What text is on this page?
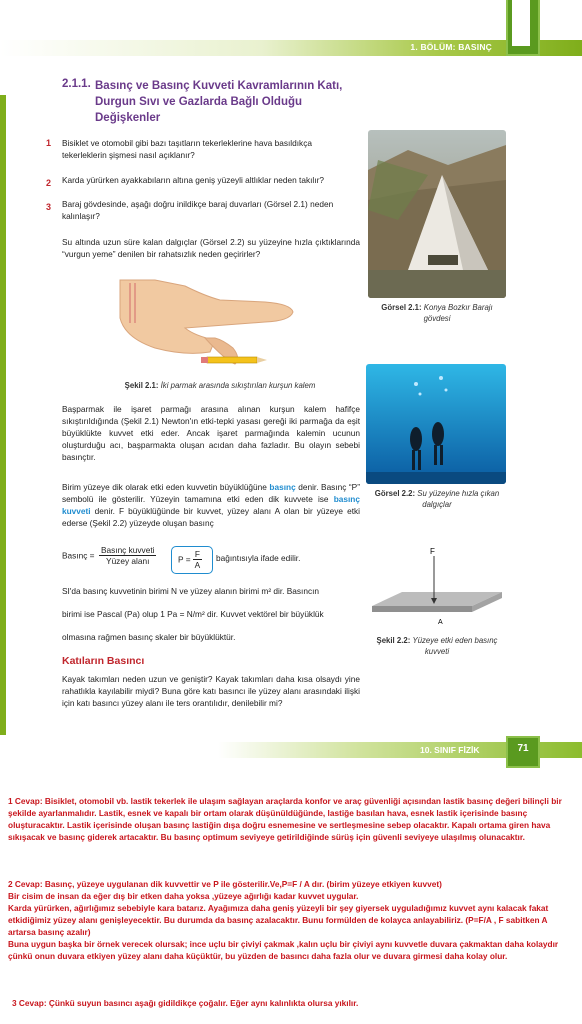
1. BÖLÜM: BASINÇ
2.1.1. Basınç ve Basınç Kuvveti Kavramlarının Katı, Durgun Sıvı ve Gazlarda Bağlı Olduğu Değişkenler
1 Bisiklet ve otomobil gibi bazı taşıtların tekerleklerine hava basıldıkça tekerleklerin şişmesi nasıl açıklanır?
2 Karda yürürken ayakkabıların altına geniş yüzeyli altlıklar neden takılır?
3 Baraj gövdesinde, aşağı doğru inildikçe baraj duvarları (Görsel 2.1) neden kalınlaşır?
Su altında uzun süre kalan dalgıçlar (Görsel 2.2) su yüzeyine hızla çıktıklarında “vurgun yeme” denilen bir rahatsızlık neden geçirirler?
Görsel 2.1: Konya Bozkır Barajı gövdesi
Şekil 2.1: İki parmak arasında sıkıştırılan kurşun kalem
Başparmak ile işaret parmağı arasına alınan kurşun kalem hafifçe sıkıştırıldığında (Şekil 2.1) Newton'ın etki-tepki yasası gereği iki parmağa da eşit büyüklükte kuvvet etki eder. Ancak işaret parmağında kalemin ucunun oluşturduğu acı, başparmakta oluşan acıdan daha fazladır. Bu olayın sebebi basınçtır.
Görsel 2.2: Su yüzeyine hızla çıkan dalgıçlar
Birim yüzeye dik olarak etki eden kuvvetin büyüklüğüne basınç denir. Basınç “P” sembolü ile gösterilir. Yüzeyin tamamına etki eden dik kuvvete ise basınç kuvveti denir. F büyüklüğünde bir kuvvet, yüzey alanı A olan bir yüzeye etki ederse (Şekil 2.2) yüzeyde oluşan basınç
Basınç = $\frac{\text{Basınç kuvveti}}{\text{Yüzey alanı}}$	$P = \frac{F}{A}$ bağıntısıyla ifade edilir.
SI'da basınç kuvvetinin birimi N ve yüzey alanın birimi m² dir. Basıncın
birimi ise Pascal (Pa) olup 1 Pa = N/m² dir. Kuvvet vektörel bir büyüklük
olmasına rağmen basınç skaler bir büyüklüktür.
F
A
Şekil 2.2: Yüzeye etki eden basınç kuvveti
Katıların Basıncı
Kayak takımları neden uzun ve geniştir? Kayak takımları daha kısa olsaydı yine rahatlıkla kayılabilir miydi? Buna göre katı basıncı ile yüzey alanı arasındaki ilişki için katı basıncı yüzey alanı ile ters orantılıdır, denilebilir mi?
10. SINIF FİZİK	71
1 Cevap: Bisiklet, otomobil vb. lastik tekerlek ile ulaşım sağlayan araçlarda konfor ve araç güvenliği açısından lastik basınç değeri bilinçli bir şekilde ayarlanmalıdır. Lastik, esnek ve kapalı bir ortam olarak düşünüldüğünde, lastiğe basılan hava, esnek lastik içerisinde basınç oluşturacaktır. Lastik içerisinde oluşan basınç lastiğin dışa doğru esnemesine ve sertleşmesine sebep olacaktır. Kapalı ortama giren hava sıkışacak ve basınç giderek artacaktır. Bu basınç optimum seviyeye getirildiğinde sürüş için güvenli seviyeye ulaşılmış olunacaktır.
2 Cevap: Basınç, yüzeye uygulanan dik kuvvettir ve P ile gösterilir.Ve,P=F / A dır. (birim yüzeye etkiyen kuvvet)
Bir cisim de insan da eğer dış bir etken daha yoksa ,yüzeye ağırlığı kadar kuvvet uygular.
Karda yürürken, ağırlığımız sebebiyle kara batarız. Ayağımıza daha geniş yüzeyli bir şey giyersek uyguladığımız kuvvet aynı kalacak fakat etkidiğimiz yüzey alanı genişleyecektir. Bu durumda da basınç azalacaktır. Bunu formülden de kolayca anlayabiliriz. (P=F/A , F sabitken A artarsa basınç azalır)
Buna uygun başka bir örnek verecek olursak; ince uçlu bir çiviyi çakmak ,kalın uçlu bir çiviyi aynı kuvvetle duvara çakmaktan daha kolaydır çünkü onun duvara etkiyen yüzey alanı daha küçüktür, bu yüzden de basıncı daha fazla olur ve duvara girmesi daha kolay olur.
3 Cevap: Çünkü suyun basıncı aşağı gidildikçe çoğalır. Eğer aynı kalınlıkta olursa yıkılır.
